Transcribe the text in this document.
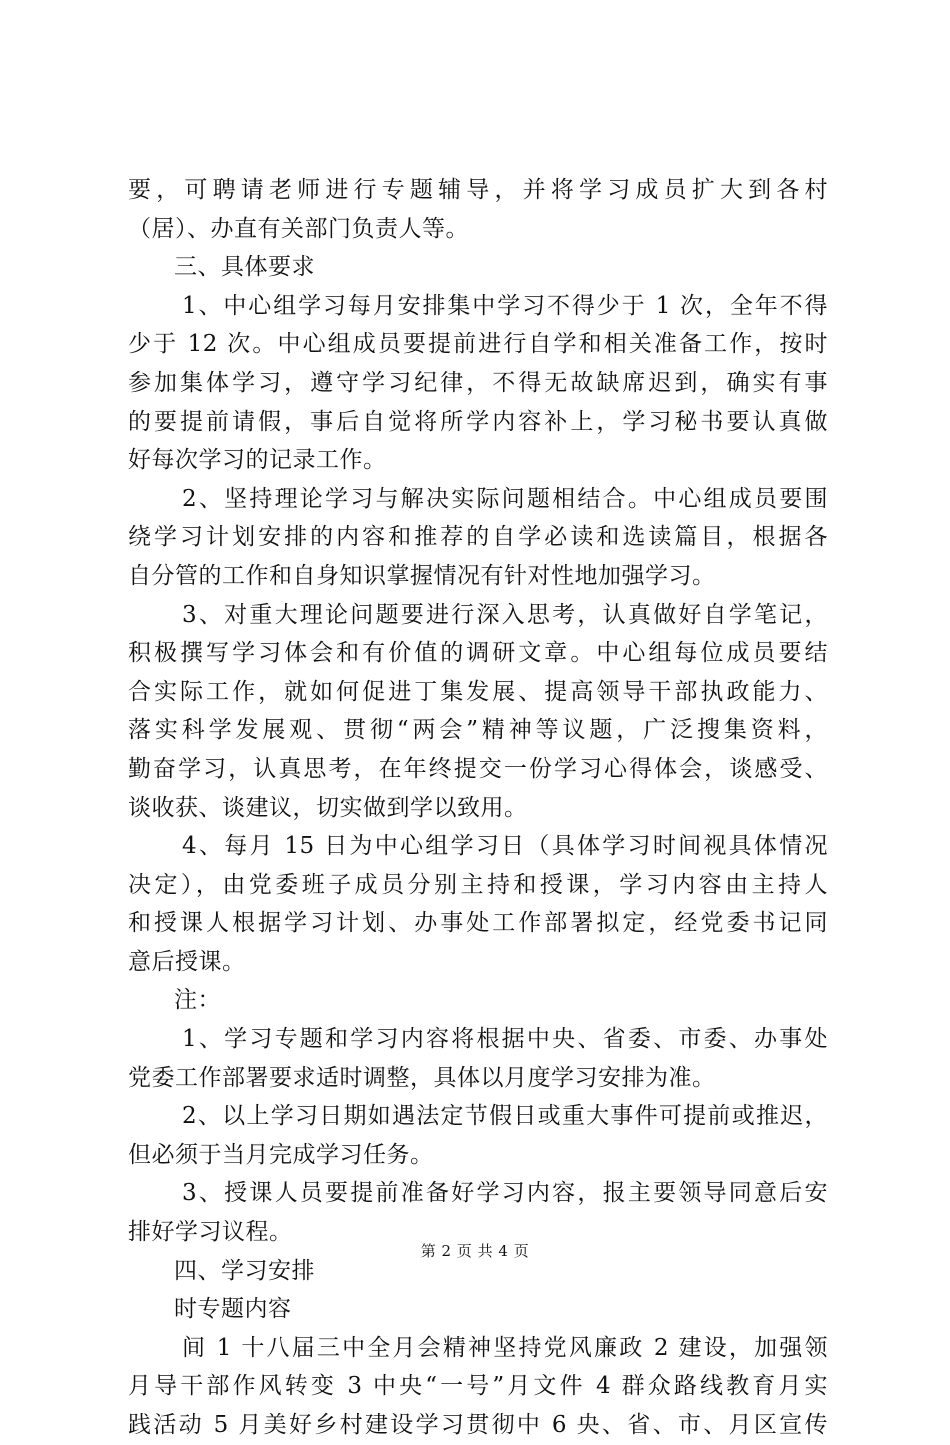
要，可聘请老师进行专题辅导，并将学习成员扩大到各村
（居）、办直有关部门负责人等。
三、具体要求
1、中心组学习每月安排集中学习不得少于 1 次，全年不得
少于 12 次。中心组成员要提前进行自学和相关准备工作，按时
参加集体学习，遵守学习纪律，不得无故缺席迟到，确实有事
的要提前请假，事后自觉将所学内容补上，学习秘书要认真做
好每次学习的记录工作。
2、坚持理论学习与解决实际问题相结合。中心组成员要围
绕学习计划安排的内容和推荐的自学必读和选读篇目，根据各
自分管的工作和自身知识掌握情况有针对性地加强学习。
3、对重大理论问题要进行深入思考，认真做好自学笔记，
积极撰写学习体会和有价值的调研文章。中心组每位成员要结
合实际工作，就如何促进丁集发展、提高领导干部执政能力、
落实科学发展观、贯彻“两会”精神等议题，广泛搜集资料，
勤奋学习，认真思考，在年终提交一份学习心得体会，谈感受、
谈收获、谈建议，切实做到学以致用。
4、每月 15 日为中心组学习日（具体学习时间视具体情况
决定），由党委班子成员分别主持和授课，学习内容由主持人
和授课人根据学习计划、办事处工作部署拟定，经党委书记同
意后授课。
注：
1、学习专题和学习内容将根据中央、省委、市委、办事处
党委工作部署要求适时调整，具体以月度学习安排为准。
2、以上学习日期如遇法定节假日或重大事件可提前或推迟，
但必须于当月完成学习任务。
3、授课人员要提前准备好学习内容，报主要领导同意后安
排好学习议程。
四、学习安排
时专题内容
间 1 十八届三中全月会精神坚持党风廉政 2 建设，加强领
月导干部作风转变 3 中央“一号”月文件 4 群众路线教育月实
践活动 5 月美好乡村建设学习贯彻中 6 央、省、市、月区宣传
第 2 页 共 4 页
